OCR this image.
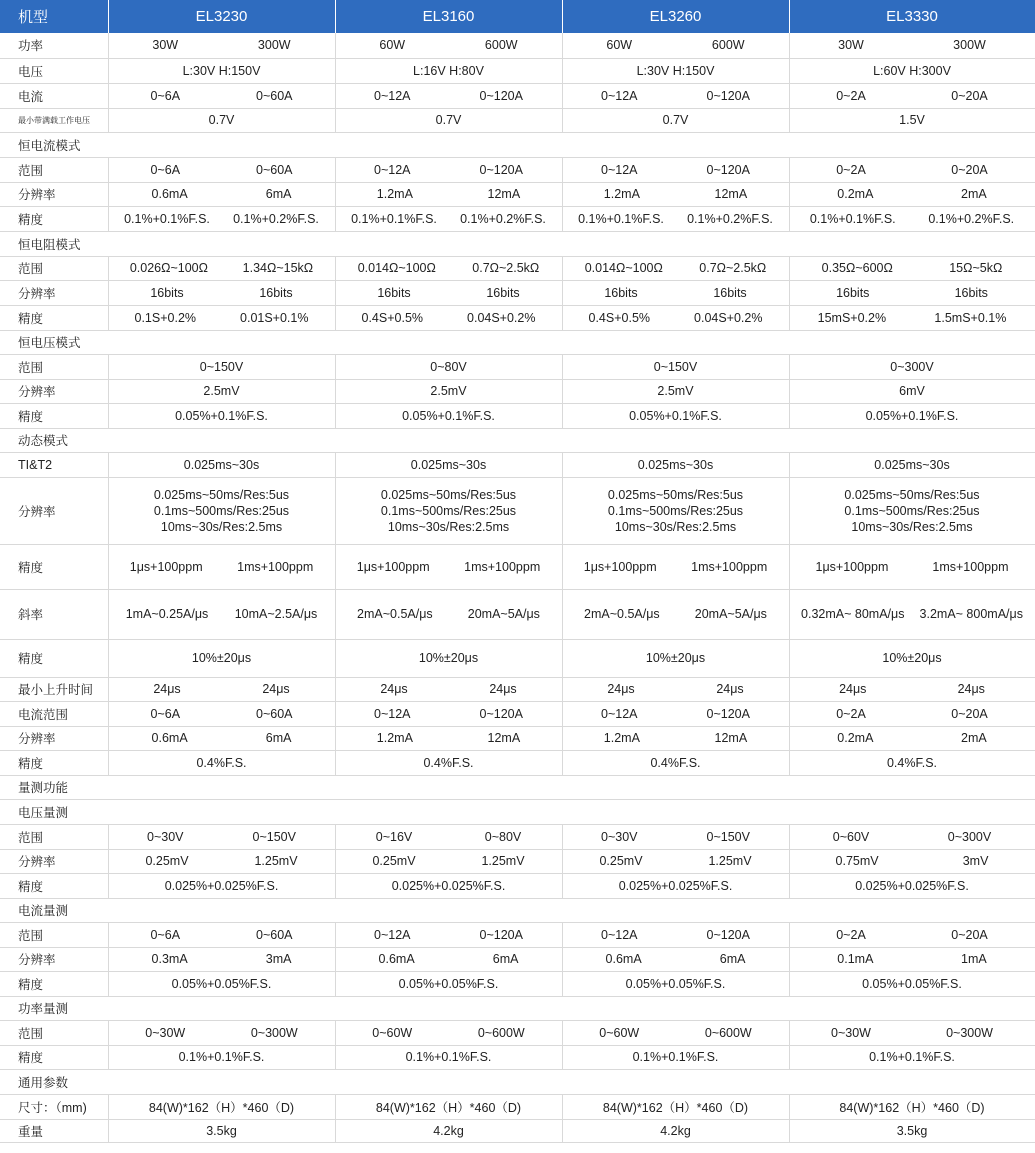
机型	EL3230	EL3160	EL3260	EL3330
功率	30W 300W	60W 600W	60W 600W	30W 300W

电压	L:30V H:150V	L:16V H:80V	L:30V H:150V	L:60V H:300V
电流	0~6A 0~60A	0~12A 0~120A	0~12A 0~120A	0~2A 0~20A

最小带满载工作电压	0.7V	0.7V	0.7V	1.5V
恒电流模式				
范围	0~6A 0~60A	0~12A 0~120A	0~12A 0~120A	0~2A 0~20A

分辨率	0.6mA 6mA	1.2mA 12mA	1.2mA 12mA	0.2mA 2mA

精度	0.1%+0.1%F.S. 0.1%+0.2%F.S.	0.1%+0.1%F.S. 0.1%+0.2%F.S.	0.1%+0.1%F.S. 0.1%+0.2%F.S.	0.1%+0.1%F.S. 0.1%+0.2%F.S.

恒电阻模式				
范围	0.026Ω~100Ω 1.34Ω~15kΩ	0.014Ω~100Ω 0.7Ω~2.5kΩ	0.014Ω~100Ω 0.7Ω~2.5kΩ	0.35Ω~600Ω 15Ω~5kΩ

分辨率	16bits 16bits	16bits 16bits	16bits 16bits	16bits 16bits

精度	0.1S+0.2% 0.01S+0.1%	0.4S+0.5% 0.04S+0.2%	0.4S+0.5% 0.04S+0.2%	15mS+0.2% 1.5mS+0.1%

恒电压模式				
范围	0~150V	0~80V	0~150V	0~300V
分辨率	2.5mV	2.5mV	2.5mV	6mV
精度	0.05%+0.1%F.S.	0.05%+0.1%F.S.	0.05%+0.1%F.S.	0.05%+0.1%F.S.
动态模式				
TI&T2	0.025ms~30s	0.025ms~30s	0.025ms~30s	0.025ms~30s
分辨率	0.025ms~50ms/Res:5us
0.1ms~500ms/Res:25us
10ms~30s/Res:2.5ms	0.025ms~50ms/Res:5us
0.1ms~500ms/Res:25us
10ms~30s/Res:2.5ms	0.025ms~50ms/Res:5us
0.1ms~500ms/Res:25us
10ms~30s/Res:2.5ms	0.025ms~50ms/Res:5us
0.1ms~500ms/Res:25us
10ms~30s/Res:2.5ms

精度	1μs+100ppm 1ms+100ppm	1μs+100ppm 1ms+100ppm	1μs+100ppm 1ms+100ppm	1μs+100ppm 1ms+100ppm

斜率	1mA~0.25A/μs 10mA~2.5A/μs	2mA~0.5A/μs 20mA~5A/μs	2mA~0.5A/μs 20mA~5A/μs	0.32mA~ 80mA/μs 3.2mA~ 800mA/μs

精度	10%±20μs	10%±20μs	10%±20μs	10%±20μs
最小上升时间	24μs 24μs	24μs 24μs	24μs 24μs	24μs 24μs

电流范围	0~6A 0~60A	0~12A 0~120A	0~12A 0~120A	0~2A 0~20A

分辨率	0.6mA 6mA	1.2mA 12mA	1.2mA 12mA	0.2mA 2mA

精度	0.4%F.S.	0.4%F.S.	0.4%F.S.	0.4%F.S.
量测功能				
电压量测				
范围	0~30V 0~150V	0~16V 0~80V	0~30V 0~150V	0~60V 0~300V

分辨率	0.25mV 1.25mV	0.25mV 1.25mV	0.25mV 1.25mV	0.75mV 3mV

精度	0.025%+0.025%F.S.	0.025%+0.025%F.S.	0.025%+0.025%F.S.	0.025%+0.025%F.S.
电流量测				
范围	0~6A 0~60A	0~12A 0~120A	0~12A 0~120A	0~2A 0~20A

分辨率	0.3mA 3mA	0.6mA 6mA	0.6mA 6mA	0.1mA 1mA

精度	0.05%+0.05%F.S.	0.05%+0.05%F.S.	0.05%+0.05%F.S.	0.05%+0.05%F.S.
功率量测				
范围	0~30W 0~300W	0~60W 0~600W	0~60W 0~600W	0~30W 0~300W

精度	0.1%+0.1%F.S.	0.1%+0.1%F.S.	0.1%+0.1%F.S.	0.1%+0.1%F.S.
通用参数				
尺寸：（mm)	84(W)*162（H）*460（D)	84(W)*162（H）*460（D)	84(W)*162（H）*460（D)	84(W)*162（H）*460（D)
重量	3.5kg	4.2kg	4.2kg	3.5kg
